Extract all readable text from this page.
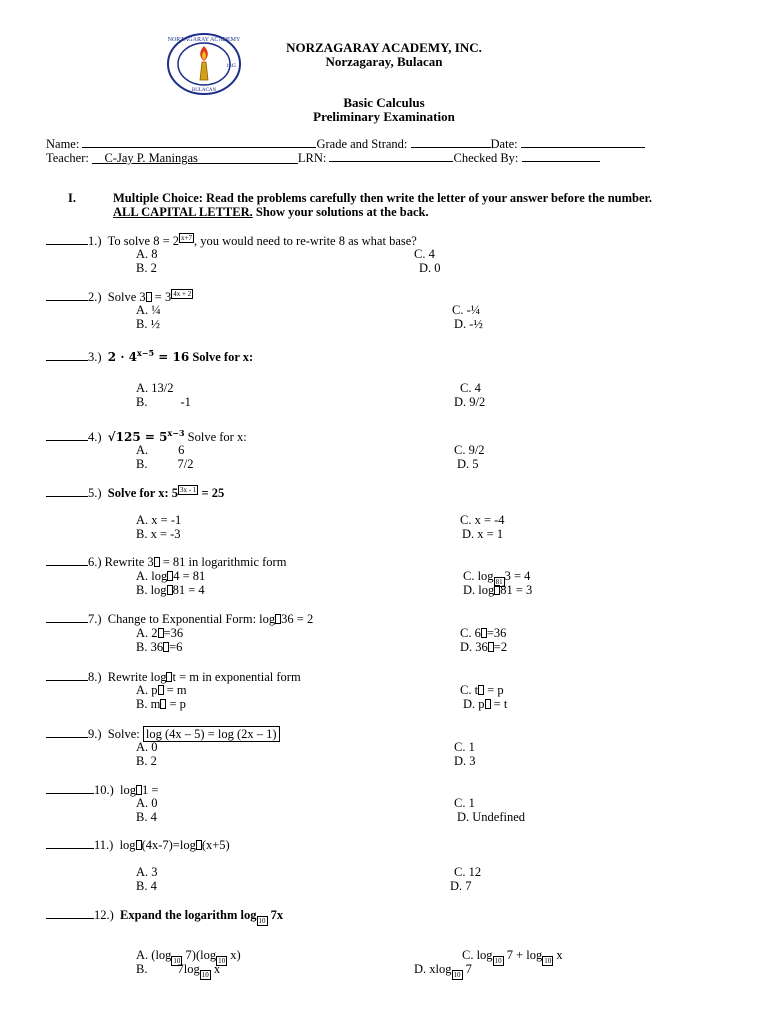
NORZAGARAY ACADEMY
BULACAN
1945
NORZAGARAY ACADEMY, INC.
Norzagaray, Bulacan
Basic Calculus
Preliminary Examination
Name:	Grade and Strand:	Date:
Teacher:     C-Jay P. Maningas	LRN:	Checked By:
I.	Multiple Choice: Read the problems carefully then write the letter of your answer before the number.
ALL CAPITAL LETTER. Show your solutions at the back.
1.) To solve 8 = 2 x+7 , you would need to re-write 8 as what base?
A. 8
B. 2
C. 4
D. 0
2.) Solve 3 = 3 4x + 2
A. ¼
B. ½
C. -¼
D. -½
3.) $2 \cdot 4^{x-5} = 16$ Solve for x:
A. 13/2
B.	-1
C. 4
D. 9/2
4.) $√125 = 5^{x-3}$ Solve for x:
A. 6
B. 7/2
C. 9/2
D. 5
5.) Solve for x: 5 3x - 1 = 25
A. x = -1
B. x = -3
C. x = -4
D. x = 1
6.) Rewrite 3 = 81 in logarithmic form
A. log 4 = 81
B. log 81 = 4
C. log 81 3 = 4
D. log 81 = 3
7.) Change to Exponential Form: log 36 = 2
A. 2 =36
B. 36 =6
C. 6 =36
D. 36 =2
8.) Rewrite log t = m in exponential form
A. p = m
B. m = p
C. t = p
D. p = t
9.) Solve: log (4x – 5) = log (2x – 1)
A. 0
B. 2
C. 1
D. 3
10.) log 1 =
A. 0
B. 4
C. 1
D. Undefined
11.) log (4x-7)=log (x+5)
A. 3
B. 4
C. 12
D. 7
12.) Expand the logarithm log 10 7x
A. (log 10 7)(log 10 x)
B. 7log 10 x
C. log 10 7 + log 10 x
D. xlog 10 7
